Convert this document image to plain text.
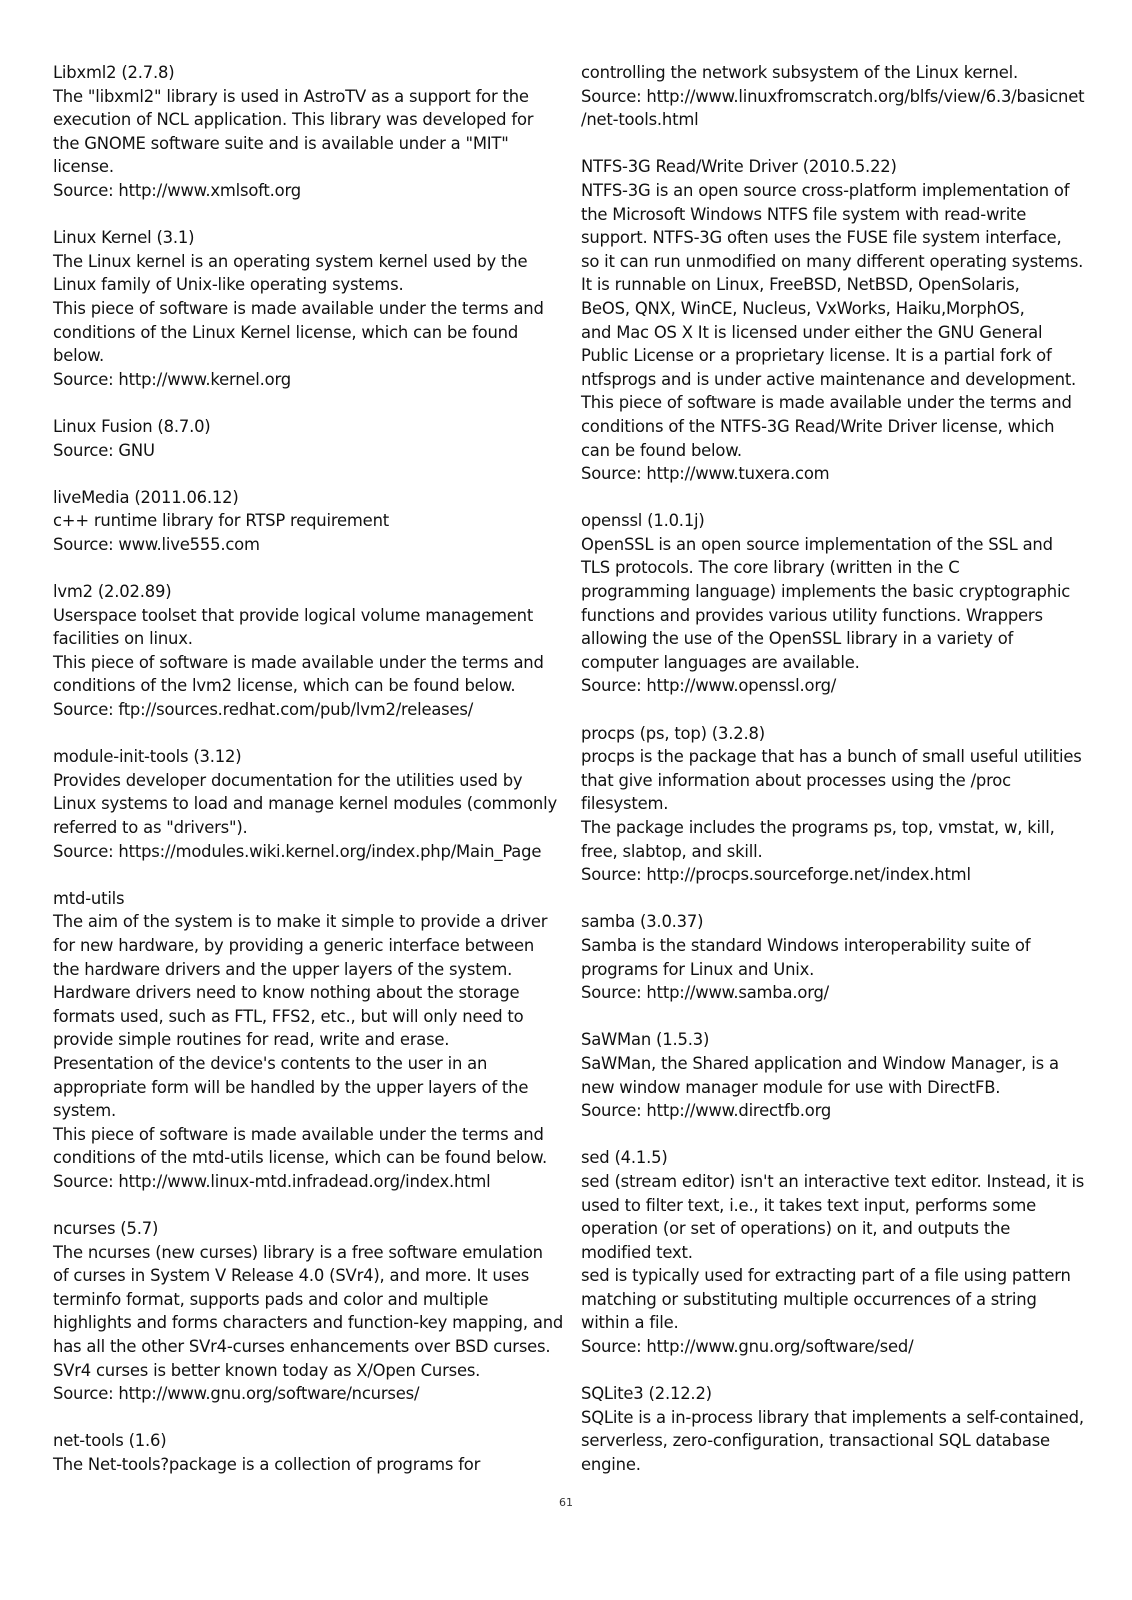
Libxml2 (2.7.8)
The "libxml2" library is used in AstroTV as a support for the
execution of NCL application. This library was developed for
the GNOME software suite and is available under a "MIT"
license.
Source: http://www.xmlsoft.org
Linux Kernel (3.1)
The Linux kernel is an operating system kernel used by the
Linux family of Unix-like operating systems.
This piece of software is made available under the terms and
conditions of the Linux Kernel license, which can be found
below.
Source: http://www.kernel.org
Linux Fusion (8.7.0)
Source: GNU
liveMedia (2011.06.12)
c++ runtime library for RTSP requirement
Source: www.live555.com
lvm2 (2.02.89)
Userspace toolset that provide logical volume management
facilities on linux.
This piece of software is made available under the terms and
conditions of the lvm2 license, which can be found below.
Source: ftp://sources.redhat.com/pub/lvm2/releases/
module-init-tools (3.12)
Provides developer documentation for the utilities used by
Linux systems to load and manage kernel modules (commonly
referred to as "drivers").
Source: https://modules.wiki.kernel.org/index.php/Main_Page
mtd-utils
The aim of the system is to make it simple to provide a driver
for new hardware, by providing a generic interface between
the hardware drivers and the upper layers of the system.
Hardware drivers need to know nothing about the storage
formats used, such as FTL, FFS2, etc., but will only need to
provide simple routines for read, write and erase.
Presentation of the device's contents to the user in an
appropriate form will be handled by the upper layers of the
system.
This piece of software is made available under the terms and
conditions of the mtd-utils license, which can be found below.
Source: http://www.linux-mtd.infradead.org/index.html
ncurses (5.7)
The ncurses (new curses) library is a free software emulation
of curses in System V Release 4.0 (SVr4), and more. It uses
terminfo format, supports pads and color and multiple
highlights and forms characters and function-key mapping, and
has all the other SVr4-curses enhancements over BSD curses.
SVr4 curses is better known today as X/Open Curses.
Source: http://www.gnu.org/software/ncurses/
net-tools (1.6)
The Net-tools?package is a collection of programs for
controlling the network subsystem of the Linux kernel.
Source: http://www.linuxfromscratch.org/blfs/view/6.3/basicnet
/net-tools.html
NTFS-3G Read/Write Driver (2010.5.22)
NTFS-3G is an open source cross-platform implementation of
the Microsoft Windows NTFS file system with read-write
support. NTFS-3G often uses the FUSE file system interface,
so it can run unmodified on many different operating systems.
It is runnable on Linux, FreeBSD, NetBSD, OpenSolaris,
BeOS, QNX, WinCE, Nucleus, VxWorks, Haiku,MorphOS,
and Mac OS X It is licensed under either the GNU General
Public License or a proprietary license. It is a partial fork of
ntfsprogs and is under active maintenance and development.
This piece of software is made available under the terms and
conditions of the NTFS-3G Read/Write Driver license, which
can be found below.
Source: http://www.tuxera.com
openssl (1.0.1j)
OpenSSL is an open source implementation of the SSL and
TLS protocols. The core library (written in the C
programming language) implements the basic cryptographic
functions and provides various utility functions. Wrappers
allowing the use of the OpenSSL library in a variety of
computer languages are available.
Source: http://www.openssl.org/
procps (ps, top) (3.2.8)
procps is the package that has a bunch of small useful utilities
that give information about processes using the /proc
filesystem.
The package includes the programs ps, top, vmstat, w, kill,
free, slabtop, and skill.
Source: http://procps.sourceforge.net/index.html
samba (3.0.37)
Samba is the standard Windows interoperability suite of
programs for Linux and Unix.
Source: http://www.samba.org/
SaWMan (1.5.3)
SaWMan, the Shared application and Window Manager, is a
new window manager module for use with DirectFB.
Source: http://www.directfb.org
sed (4.1.5)
sed (stream editor) isn't an interactive text editor. Instead, it is
used to filter text, i.e., it takes text input, performs some
operation (or set of operations) on it, and outputs the
modified text.
sed is typically used for extracting part of a file using pattern
matching or substituting multiple occurrences of a string
within a file.
Source: http://www.gnu.org/software/sed/
SQLite3 (2.12.2)
SQLite is a in-process library that implements a self-contained,
serverless, zero-configuration, transactional SQL database
engine.
61
